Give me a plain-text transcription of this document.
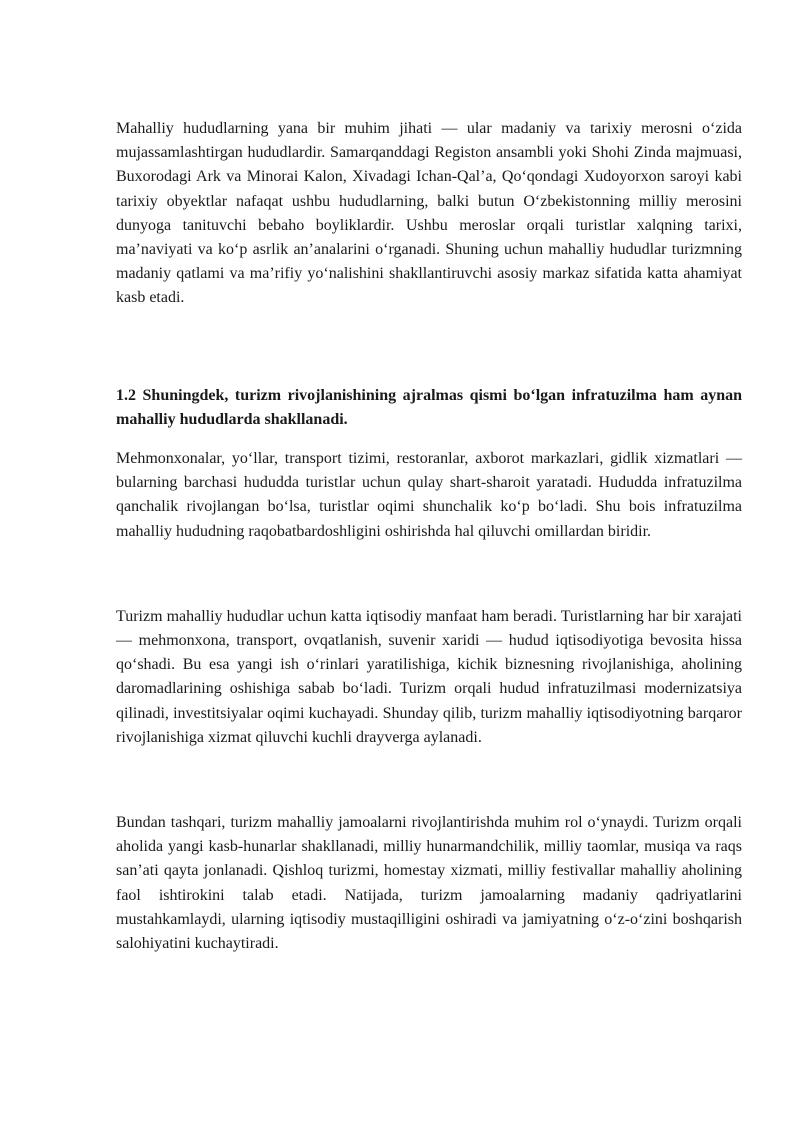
Mahalliy hududlarning yana bir muhim jihati — ular madaniy va tarixiy merosni o‘zida mujassamlashtirgan hududlardir. Samarqanddagi Registon ansambli yoki Shohi Zinda majmuasi, Buxorodagi Ark va Minorai Kalon, Xivadagi Ichan-Qal’a, Qo‘qondagi Xudoyorxon saroyi kabi tarixiy obyektlar nafaqat ushbu hududlarning, balki butun O‘zbekistonning milliy merosini dunyoga tanituvchi bebaho boyliklardir. Ushbu meroslar orqali turistlar xalqning tarixi, ma’naviyati va ko‘p asrlik an’analarini o‘rganadi. Shuning uchun mahalliy hududlar turizmning madaniy qatlami va ma’rifiy yo‘nalishini shakllantiruvchi asosiy markaz sifatida katta ahamiyat kasb etadi.

1.2 Shuningdek, turizm rivojlanishining ajralmas qismi bo‘lgan infratuzilma ham aynan mahalliy hududlarda shakllanadi.

Mehmonxonalar, yo‘llar, transport tizimi, restoranlar, axborot markazlari, gidlik xizmatlari — bularning barchasi hududda turistlar uchun qulay shart-sharoit yaratadi. Hududda infratuzilma qanchalik rivojlangan bo‘lsa, turistlar oqimi shunchalik ko‘p bo‘ladi. Shu bois infratuzilma mahalliy hududning raqobatbardoshligini oshirishda hal qiluvchi omillardan biridir.

Turizm mahalliy hududlar uchun katta iqtisodiy manfaat ham beradi. Turistlarning har bir xarajati — mehmonxona, transport, ovqatlanish, suvenir xaridi — hudud iqtisodiyotiga bevosita hissa qo‘shadi. Bu esa yangi ish o‘rinlari yaratilishiga, kichik biznesning rivojlanishiga, aholining daromadlarining oshishiga sabab bo‘ladi. Turizm orqali hudud infratuzilmasi modernizatsiya qilinadi, investitsiyalar oqimi kuchayadi. Shunday qilib, turizm mahalliy iqtisodiyotning barqaror rivojlanishiga xizmat qiluvchi kuchli drayverga aylanadi.

Bundan tashqari, turizm mahalliy jamoalarni rivojlantirishda muhim rol o‘ynaydi. Turizm orqali aholida yangi kasb-hunarlar shakllanadi, milliy hunarmandchilik, milliy taomlar, musiqa va raqs san’ati qayta jonlanadi. Qishloq turizmi, homestay xizmati, milliy festivallar mahalliy aholining faol ishtirokini talab etadi. Natijada, turizm jamoalarning madaniy qadriyatlarini mustahkamlaydi, ularning iqtisodiy mustaqilligini oshiradi va jamiyatning o‘z-o‘zini boshqarish salohiyatini kuchaytiradi.
